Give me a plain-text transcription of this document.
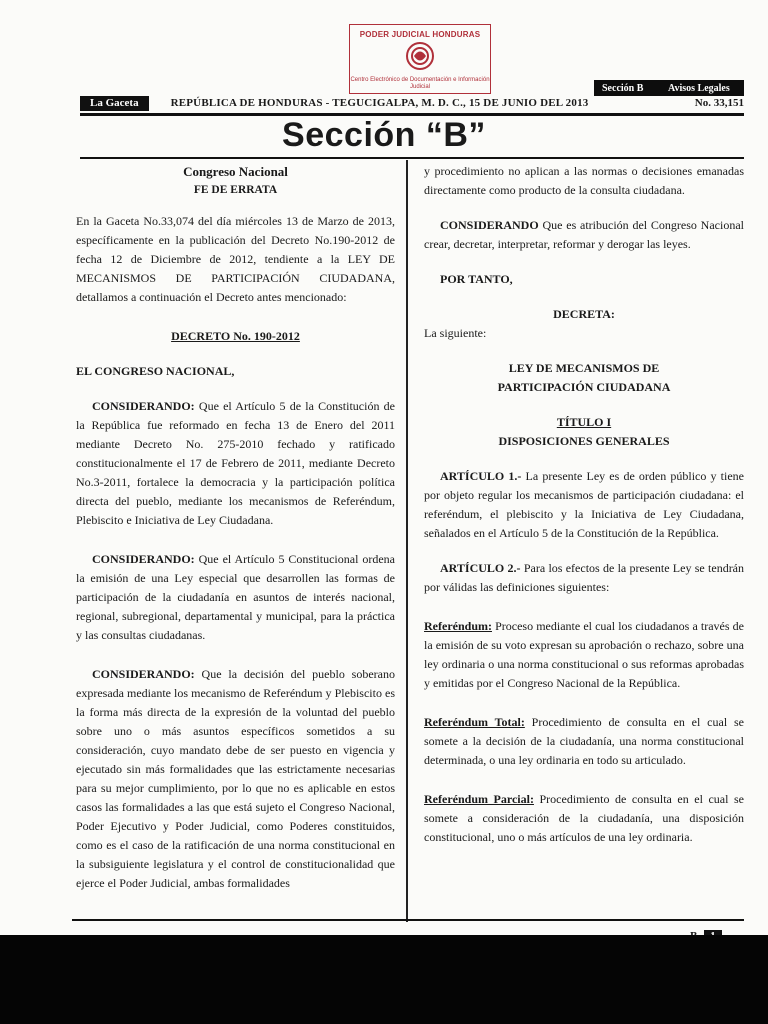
PODER JUDICIAL HONDURAS
Centro Electrónico de Documentación e Información Judicial	Sección B	Avisos Legales
La Gaceta	REPÚBLICA DE HONDURAS - TEGUCIGALPA, M. D. C., 15 DE JUNIO DEL 2013	No. 33,151
Sección “B”

Congreso Nacional

FE DE ERRATA

En la Gaceta No.33,074 del día miércoles 13 de Marzo de 2013, específicamente en la publicación del Decreto No.190-2012 de fecha 12 de Diciembre de 2012, tendiente a la LEY DE MECANISMOS DE PARTICIPACIÓN CIUDADANA, detallamos a continuación el Decreto antes mencionado:

DECRETO No. 190-2012

EL CONGRESO NACIONAL,

CONSIDERANDO: Que el Artículo 5 de la Constitución de la República fue reformado en fecha 13 de Enero del 2011 mediante Decreto No. 275-2010 fechado y ratificado constitucionalmente el 17 de Febrero de 2011, mediante Decreto No.3-2011, fortalece la democracia y la participación política directa del pueblo, mediante los mecanismos de Referéndum, Plebiscito e Iniciativa de Ley Ciudadana.

CONSIDERANDO: Que el Artículo 5 Constitucional ordena la emisión de una Ley especial que desarrollen las formas de participación de la ciudadanía en asuntos de interés nacional, regional, subregional, departamental y municipal, para la práctica y las consultas ciudadanas.

CONSIDERANDO: Que la decisión del pueblo soberano expresada mediante los mecanismo de Referéndum y Plebiscito es la forma más directa de la expresión de la voluntad del pueblo sobre uno o más asuntos específicos sometidos a su consideración, cuyo mandato debe de ser puesto en vigencia y ejecutado sin más formalidades que las estrictamente necesarias para su mejor cumplimiento, por lo que no es aplicable en estos casos las formalidades a las que está sujeto el Congreso Nacional, Poder Ejecutivo y Poder Judicial, como Poderes constituidos, como es el caso de la ratificación de una norma constitucional en la subsiguiente legislatura y el control de constitucionalidad que ejerce el Poder Judicial, ambas formalidades

y procedimiento no aplican a las normas o decisiones emanadas directamente como producto de la consulta ciudadana.

CONSIDERANDO Que es atribución del Congreso Nacional crear, decretar, interpretar, reformar y derogar las leyes.

POR TANTO,

DECRETA:

La siguiente:

LEY DE MECANISMOS DE PARTICIPACIÓN CIUDADANA

TÍTULO I

DISPOSICIONES GENERALES

ARTÍCULO 1.- La presente Ley es de orden público y tiene por objeto regular los mecanismos de participación ciudadana: el referéndum, el plebiscito y la Iniciativa de Ley Ciudadana, señalados en el Artículo 5 de la Constitución de la República.

ARTÍCULO 2.- Para los efectos de la presente Ley se tendrán por válidas las definiciones siguientes:

Referéndum: Proceso mediante el cual los ciudadanos a través de la emisión de su voto expresan su aprobación o rechazo, sobre una ley ordinaria o una norma constitucional o sus reformas aprobadas y emitidas por el Congreso Nacional de la República.

Referéndum Total: Procedimiento de consulta en el cual se somete a la decisión de la ciudadanía, una norma constitucional determinada, o una ley ordinaria en todo su articulado.

Referéndum Parcial: Procedimiento de consulta en el cual se somete a consideración de la ciudadanía, una disposición constitucional, uno o más artículos de una ley ordinaria.
